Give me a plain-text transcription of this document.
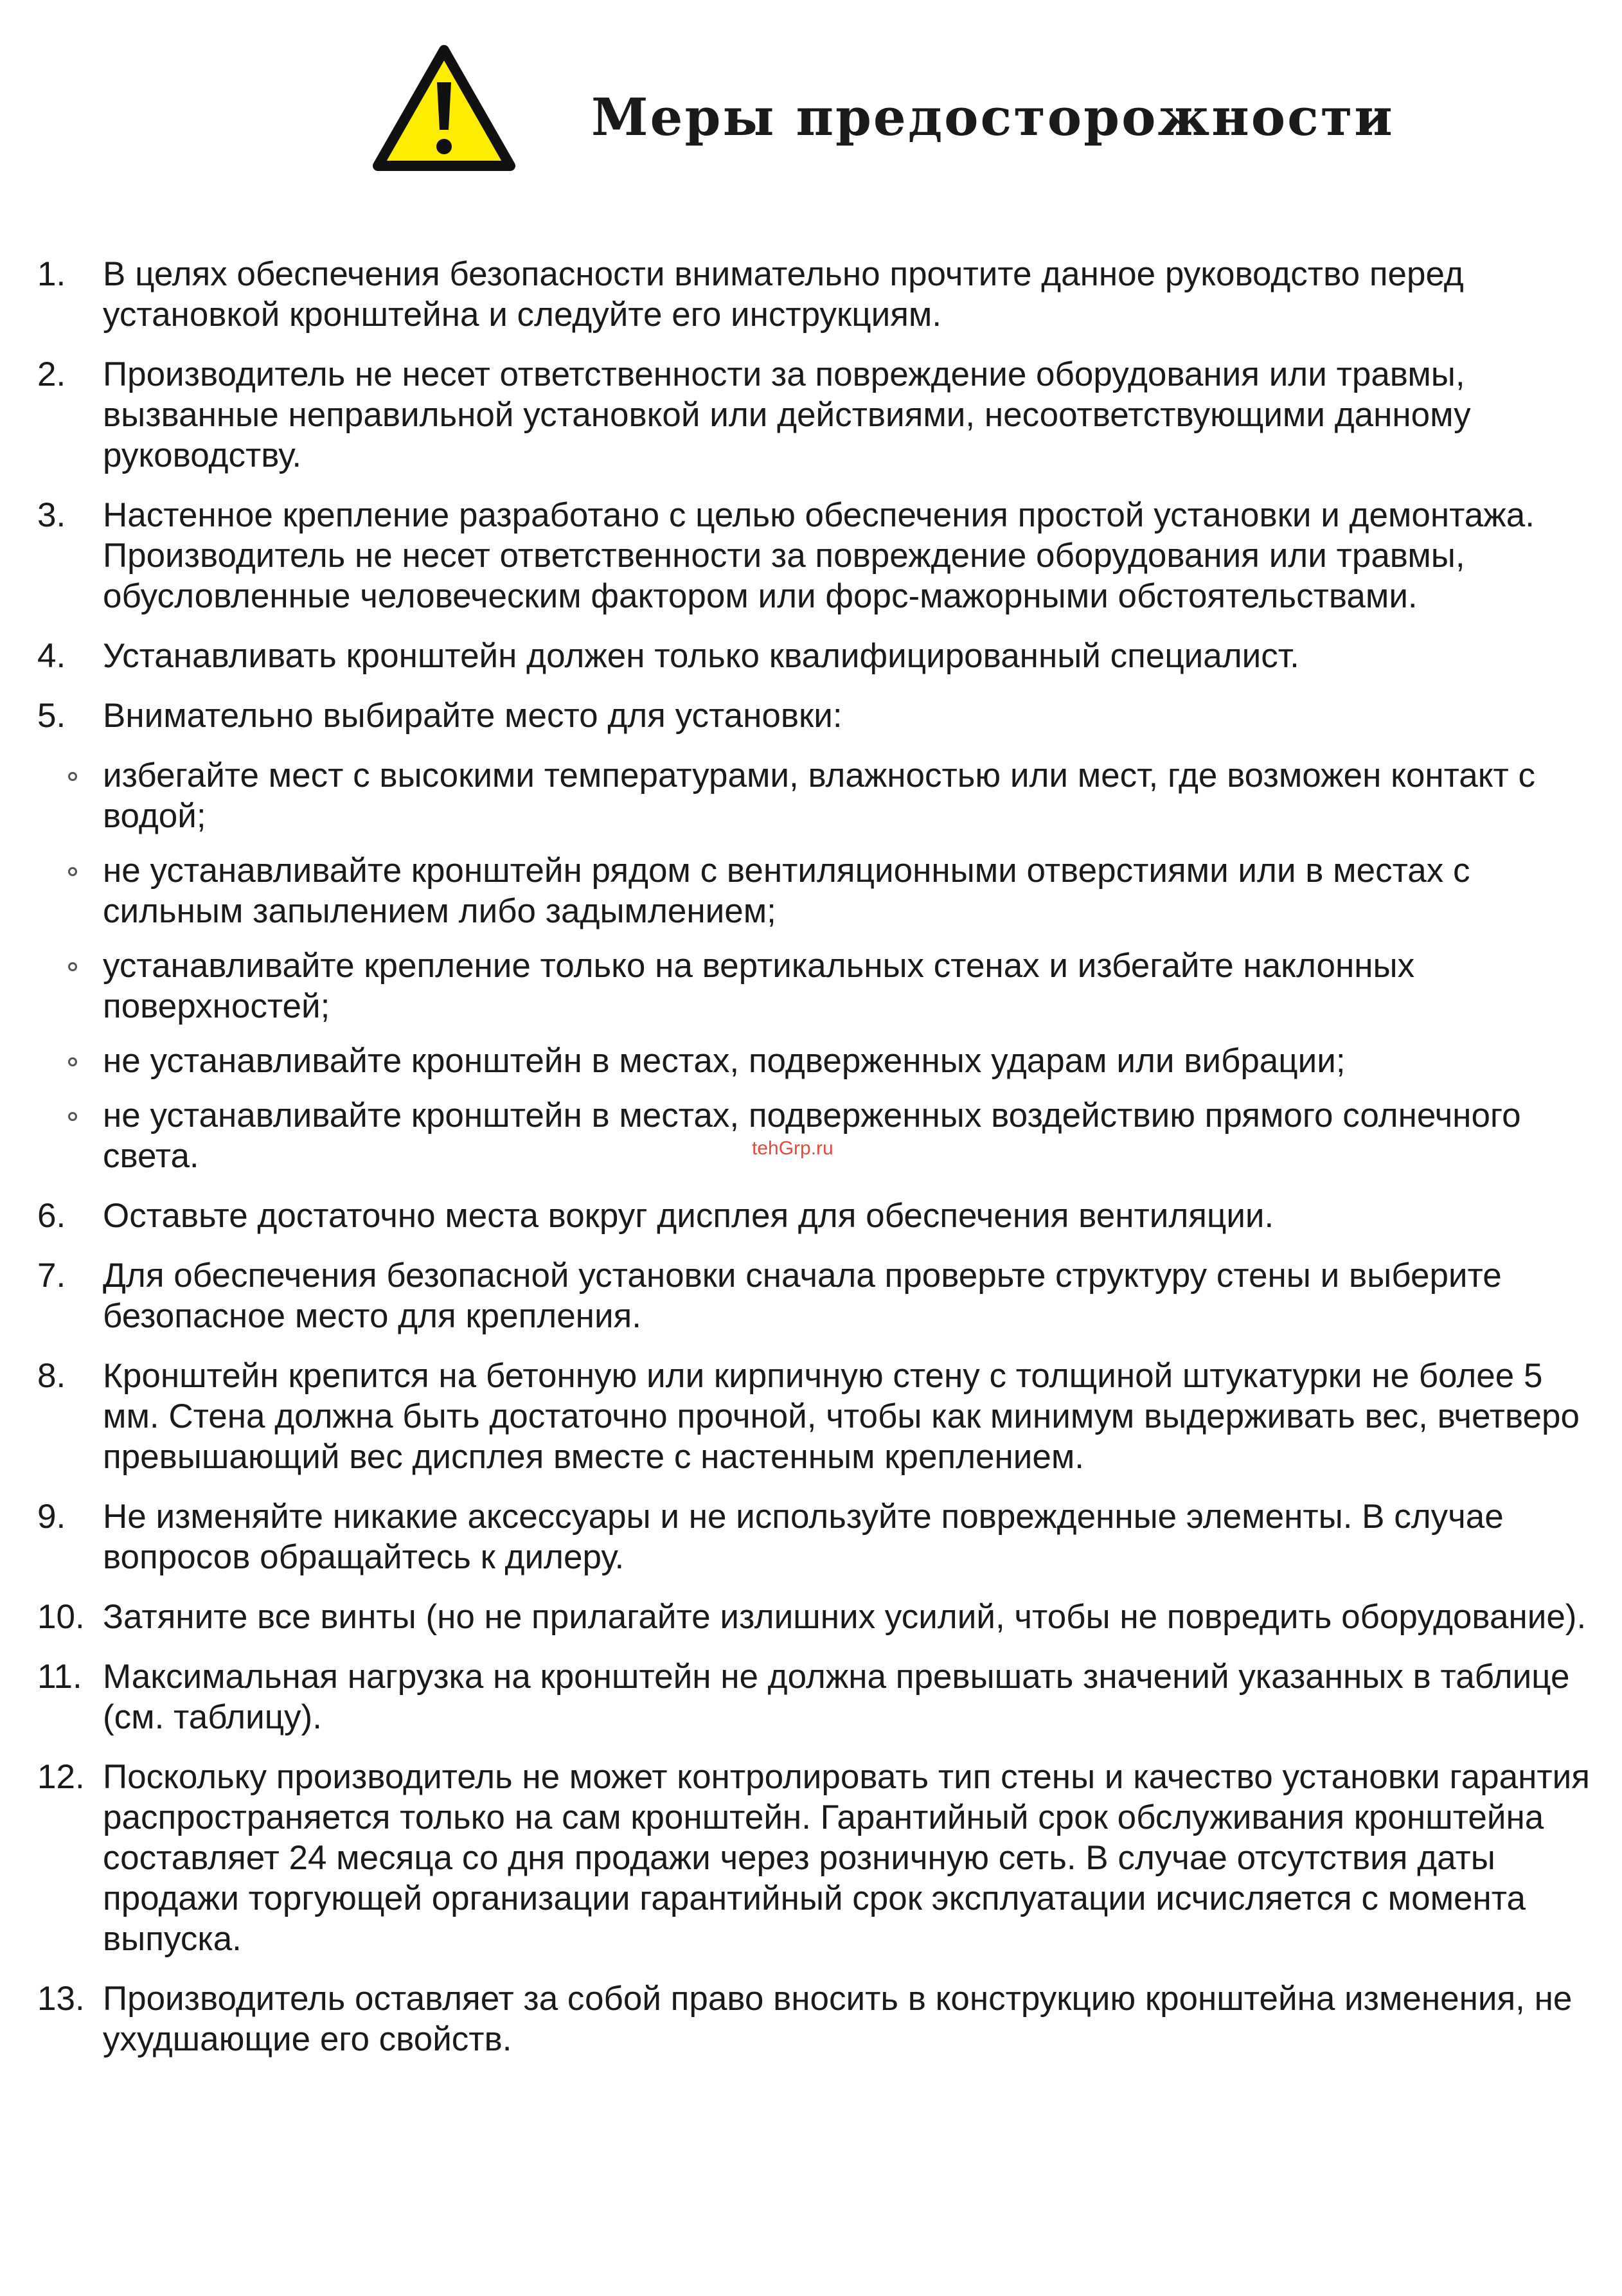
Меры предосторожности
1.	В целях обеспечения безопасности внимательно прочтите данное руководство перед установкой кронштейна и следуйте его инструкциям.
2.	Производитель не несет ответственности за повреждение оборудования или травмы, вызванные неправильной установкой или действиями, несоответствующими данному руководству.
3.	Настенное крепление разработано с целью обеспечения простой установки и демонтажа. Производитель не несет ответственности за повреждение оборудования или травмы, обусловленные человеческим фактором или форс-мажорными обстоятельствами.
4.	Устанавливать кронштейн должен только квалифицированный специалист.
5.	Внимательно выбирайте место для установки:
избегайте мест с высокими температурами, влажностью или мест, где возможен контакт с водой;
не устанавливайте кронштейн рядом с вентиляционными отверстиями или в местах с сильным запылением либо задымлением;
устанавливайте крепление только на вертикальных стенах и избегайте наклонных поверхностей;
не устанавливайте кронштейн в местах, подверженных ударам или вибрации;
не устанавливайте кронштейн в местах, подверженных воздействию прямого солнечного света.
6.	Оставьте достаточно места вокруг дисплея для обеспечения вентиляции.
7.	Для обеспечения безопасной установки сначала проверьте структуру стены и выберите безопасное место для крепления.
8.	Кронштейн крепится на бетонную или кирпичную стену с толщиной штукатурки не более 5 мм. Стена должна быть достаточно прочной, чтобы как минимум выдерживать вес, вчетверо превышающий вес дисплея вместе с настенным креплением.
9.	Не изменяйте никакие аксессуары и не используйте поврежденные элементы. В случае вопросов обращайтесь к дилеру.
10. Затяните все винты (но не прилагайте излишних усилий, чтобы не повредить оборудование).
11. Максимальная нагрузка на кронштейн не должна превышать значений указанных в таблице (см. таблицу).
12. Поскольку производитель не может контролировать тип стены и качество установки гарантия распространяется только на сам кронштейн. Гарантийный срок обслуживания кронштейна составляет 24 месяца со дня продажи через розничную сеть. В случае отсутствия даты продажи торгующей организации гарантийный срок эксплуатации исчисляется с момента выпуска.
13. Производитель оставляет за собой право вносить в конструкцию кронштейна изменения, не ухудшающие его свойств.
tehGrp.ru
